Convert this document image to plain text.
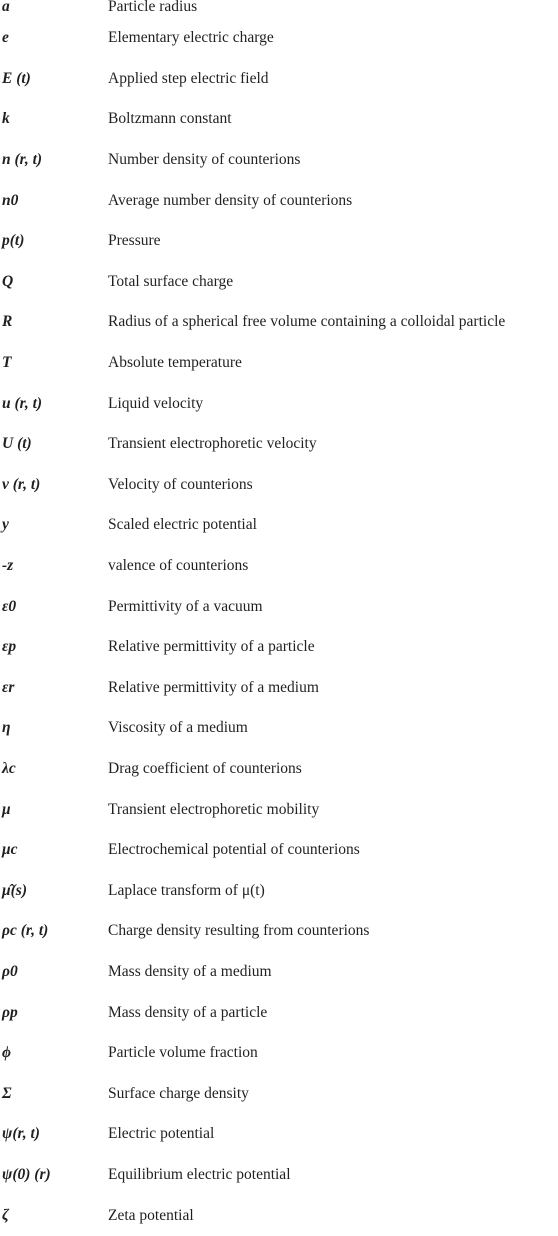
a	Particle radius
e	Elementary electric charge
E (t)	Applied step electric field
k	Boltzmann constant
n (r, t)	Number density of counterions
n0	Average number density of counterions
p(t)	Pressure
Q	Total surface charge
R	Radius of a spherical free volume containing a colloidal particle
T	Absolute temperature
u (r, t)	Liquid velocity
U (t)	Transient electrophoretic velocity
v (r, t)	Velocity of counterions
y	Scaled electric potential
-z	valence of counterions
ε0	Permittivity of a vacuum
εp	Relative permittivity of a particle
εr	Relative permittivity of a medium
η	Viscosity of a medium
λc	Drag coefficient of counterions
μ	Transient electrophoretic mobility
μc	Electrochemical potential of counterions
μ̂(s)	Laplace transform of μ(t)
ρc (r, t)	Charge density resulting from counterions
ρ0	Mass density of a medium
ρp	Mass density of a particle
ϕ	Particle volume fraction
Σ	Surface charge density
ψ(r, t)	Electric potential
ψ(0) (r)	Equilibrium electric potential
ζ	Zeta potential
